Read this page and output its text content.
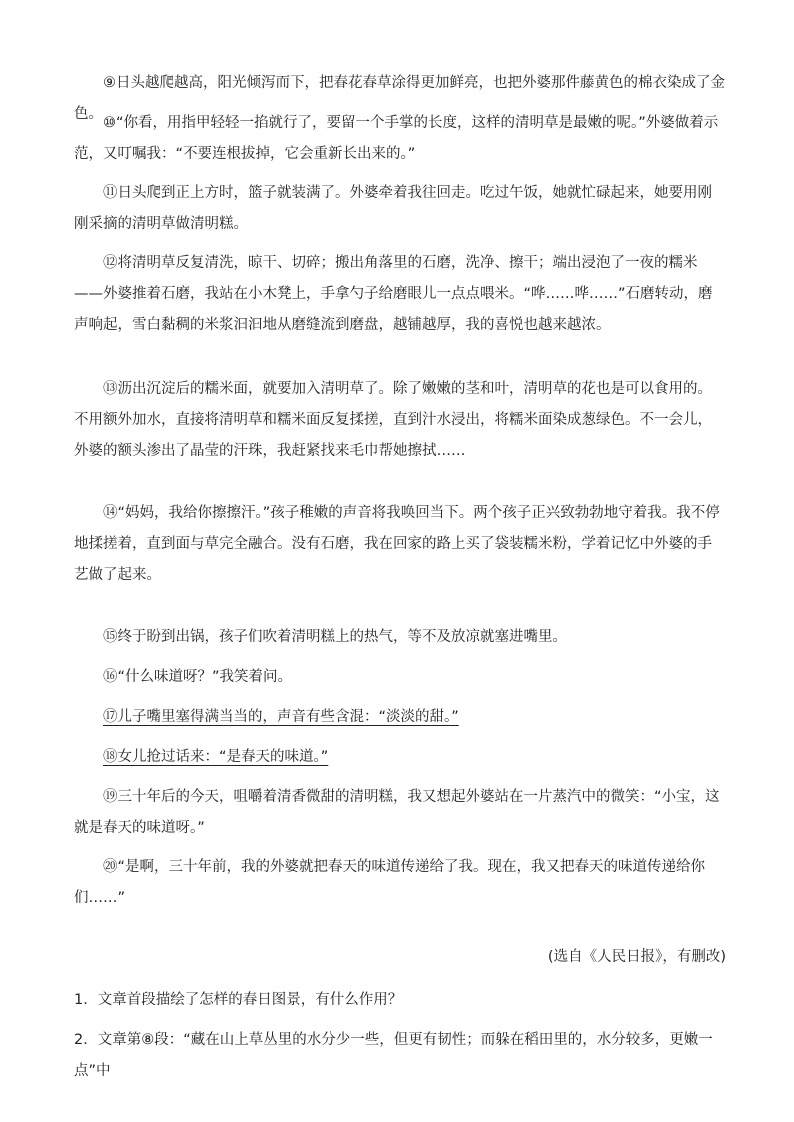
⑨日头越爬越高，阳光倾泻而下，把春花春草涂得更加鲜亮，也把外婆那件藤黄色的棉衣染成了金色。

⑩“你看，用指甲轻轻一掐就行了，要留一个手掌的长度，这样的清明草是最嫩的呢。”外婆做着示范，又叮嘱我：“不要连根拔掉，它会重新长出来的。”

⑪日头爬到正上方时，篮子就装满了。外婆牵着我往回走。吃过午饭，她就忙碌起来，她要用刚刚采摘的清明草做清明糕。

⑫将清明草反复清洗，晾干、切碎；搬出角落里的石磨，洗净、擦干；端出浸泡了一夜的糯米——外婆推着石磨，我站在小木凳上，手拿勺子给磨眼儿一点点喂米。“哗……哗……”石磨转动，磨声响起，雪白黏稠的米浆汩汩地从磨缝流到磨盘，越铺越厚，我的喜悦也越来越浓。

⑬沥出沉淀后的糯米面，就要加入清明草了。除了嫩嫩的茎和叶，清明草的花也是可以食用的。不用额外加水，直接将清明草和糯米面反复揉搓，直到汁水浸出，将糯米面染成葱绿色。不一会儿，外婆的额头渗出了晶莹的汗珠，我赶紧找来毛巾帮她擦拭……

⑭“妈妈，我给你擦擦汗。”孩子稚嫩的声音将我唤回当下。两个孩子正兴致勃勃地守着我。我不停地揉搓着，直到面与草完全融合。没有石磨，我在回家的路上买了袋装糯米粉，学着记忆中外婆的手艺做了起来。

⑮终于盼到出锅，孩子们吹着清明糕上的热气，等不及放凉就塞进嘴里。

⑯“什么味道呀？”我笑着问。

⑰儿子嘴里塞得满当当的，声音有些含混：“淡淡的甜。”

⑱女儿抢过话来：“是春天的味道。”

⑲三十年后的今天，咀嚼着清香微甜的清明糕，我又想起外婆站在一片蒸汽中的微笑：“小宝，这就是春天的味道呀。”

⑳“是啊，三十年前，我的外婆就把春天的味道传递给了我。现在，我又把春天的味道传递给你们……”

(选自《人民日报》，有删改)

1．文章首段描绘了怎样的春日图景，有什么作用？

2．文章第⑧段：“藏在山上草丛里的水分少一些，但更有韧性；而躲在稻田里的，水分较多，更嫩一点”中
